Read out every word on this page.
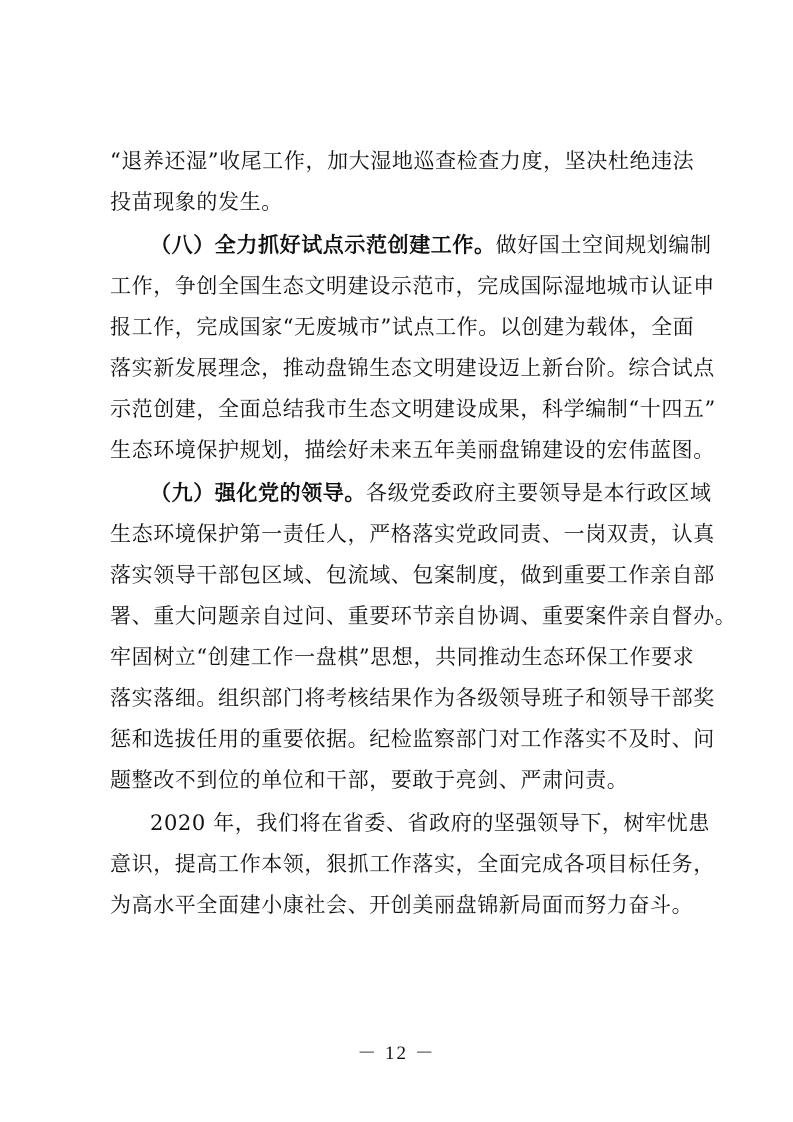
“退养还湿”收尾工作，加大湿地巡查检查力度，坚决杜绝违法
投苗现象的发生。
（八）全力抓好试点示范创建工作。做好国土空间规划编制
工作，争创全国生态文明建设示范市，完成国际湿地城市认证申
报工作，完成国家“无废城市”试点工作。以创建为载体，全面
落实新发展理念，推动盘锦生态文明建设迈上新台阶。综合试点
示范创建，全面总结我市生态文明建设成果，科学编制“十四五”
生态环境保护规划，描绘好未来五年美丽盘锦建设的宏伟蓝图。
（九）强化党的领导。各级党委政府主要领导是本行政区域
生态环境保护第一责任人，严格落实党政同责、一岗双责，认真
落实领导干部包区域、包流域、包案制度，做到重要工作亲自部
署、重大问题亲自过问、重要环节亲自协调、重要案件亲自督办。
牢固树立“创建工作一盘棋”思想，共同推动生态环保工作要求
落实落细。组织部门将考核结果作为各级领导班子和领导干部奖
惩和选拔任用的重要依据。纪检监察部门对工作落实不及时、问
题整改不到位的单位和干部，要敢于亮剑、严肃问责。
2020 年，我们将在省委、省政府的坚强领导下，树牢忧患
意识，提高工作本领，狠抓工作落实，全面完成各项目标任务，
为高水平全面建小康社会、开创美丽盘锦新局面而努力奋斗。
－ 12 －
